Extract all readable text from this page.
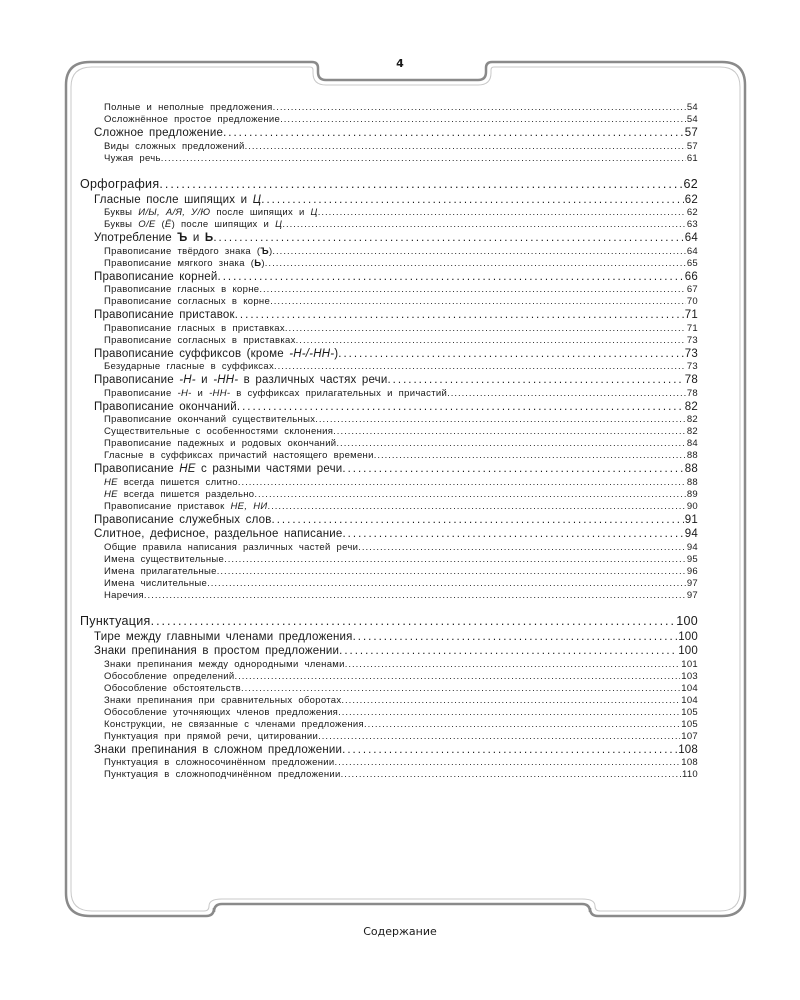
4
Полные и неполные предложения .....	54
Осложнённое простое предложение .....	54
Сложное предложение .....	57
Виды сложных предложений .....	57
Чужая речь .....	61
Орфография .....	62
Гласные после шипящих и Ц .....	62
Буквы И/Ы, А/Я, У/Ю после шипящих и Ц .....	62
Буквы О/Е (Ё) после шипящих и Ц .....	63
Употребление Ъ и Ь .....	64
Правописание твёрдого знака (Ъ) .....	64
Правописание мягкого знака (Ь) .....	65
Правописание корней .....	66
Правописание гласных в корне .....	67
Правописание согласных в корне .....	70
Правописание приставок .....	71
Правописание гласных в приставках .....	71
Правописание согласных в приставках .....	73
Правописание суффиксов (кроме -Н-/-НН-) .....	73
Безударные гласные в суффиксах .....	73
Правописание -Н- и -НН- в различных частях речи .....	78
Правописание -Н- и -НН- в суффиксах прилагательных и причастий .....	78
Правописание окончаний .....	82
Правописание окончаний существительных .....	82
Существительные с особенностями склонения .....	82
Правописание падежных и родовых окончаний .....	84
Гласные в суффиксах причастий настоящего времени .....	88
Правописание НЕ с разными частями речи .....	88
НЕ всегда пишется слитно .....	88
НЕ всегда пишется раздельно .....	89
Правописание приставок НЕ, НИ .....	90
Правописание служебных слов .....	91
Слитное, дефисное, раздельное написание .....	94
Общие правила написания различных частей речи .....	94
Имена существительные .....	95
Имена прилагательные .....	96
Имена числительные .....	97
Наречия .....	97
Пунктуация .....	100
Тире между главными членами предложения .....	100
Знаки препинания в простом предложении .....	100
Знаки препинания между однородными членами .....	101
Обособление определений .....	103
Обособление обстоятельств .....	104
Знаки препинания при сравнительных оборотах .....	104
Обособление уточняющих членов предложения .....	105
Конструкции, не связанные с членами предложения .....	105
Пунктуация при прямой речи, цитировании .....	107
Знаки препинания в сложном предложении .....	108
Пунктуация в сложносочинённом предложении .....	108
Пунктуация в сложноподчинённом предложении .....	110
Содержание
